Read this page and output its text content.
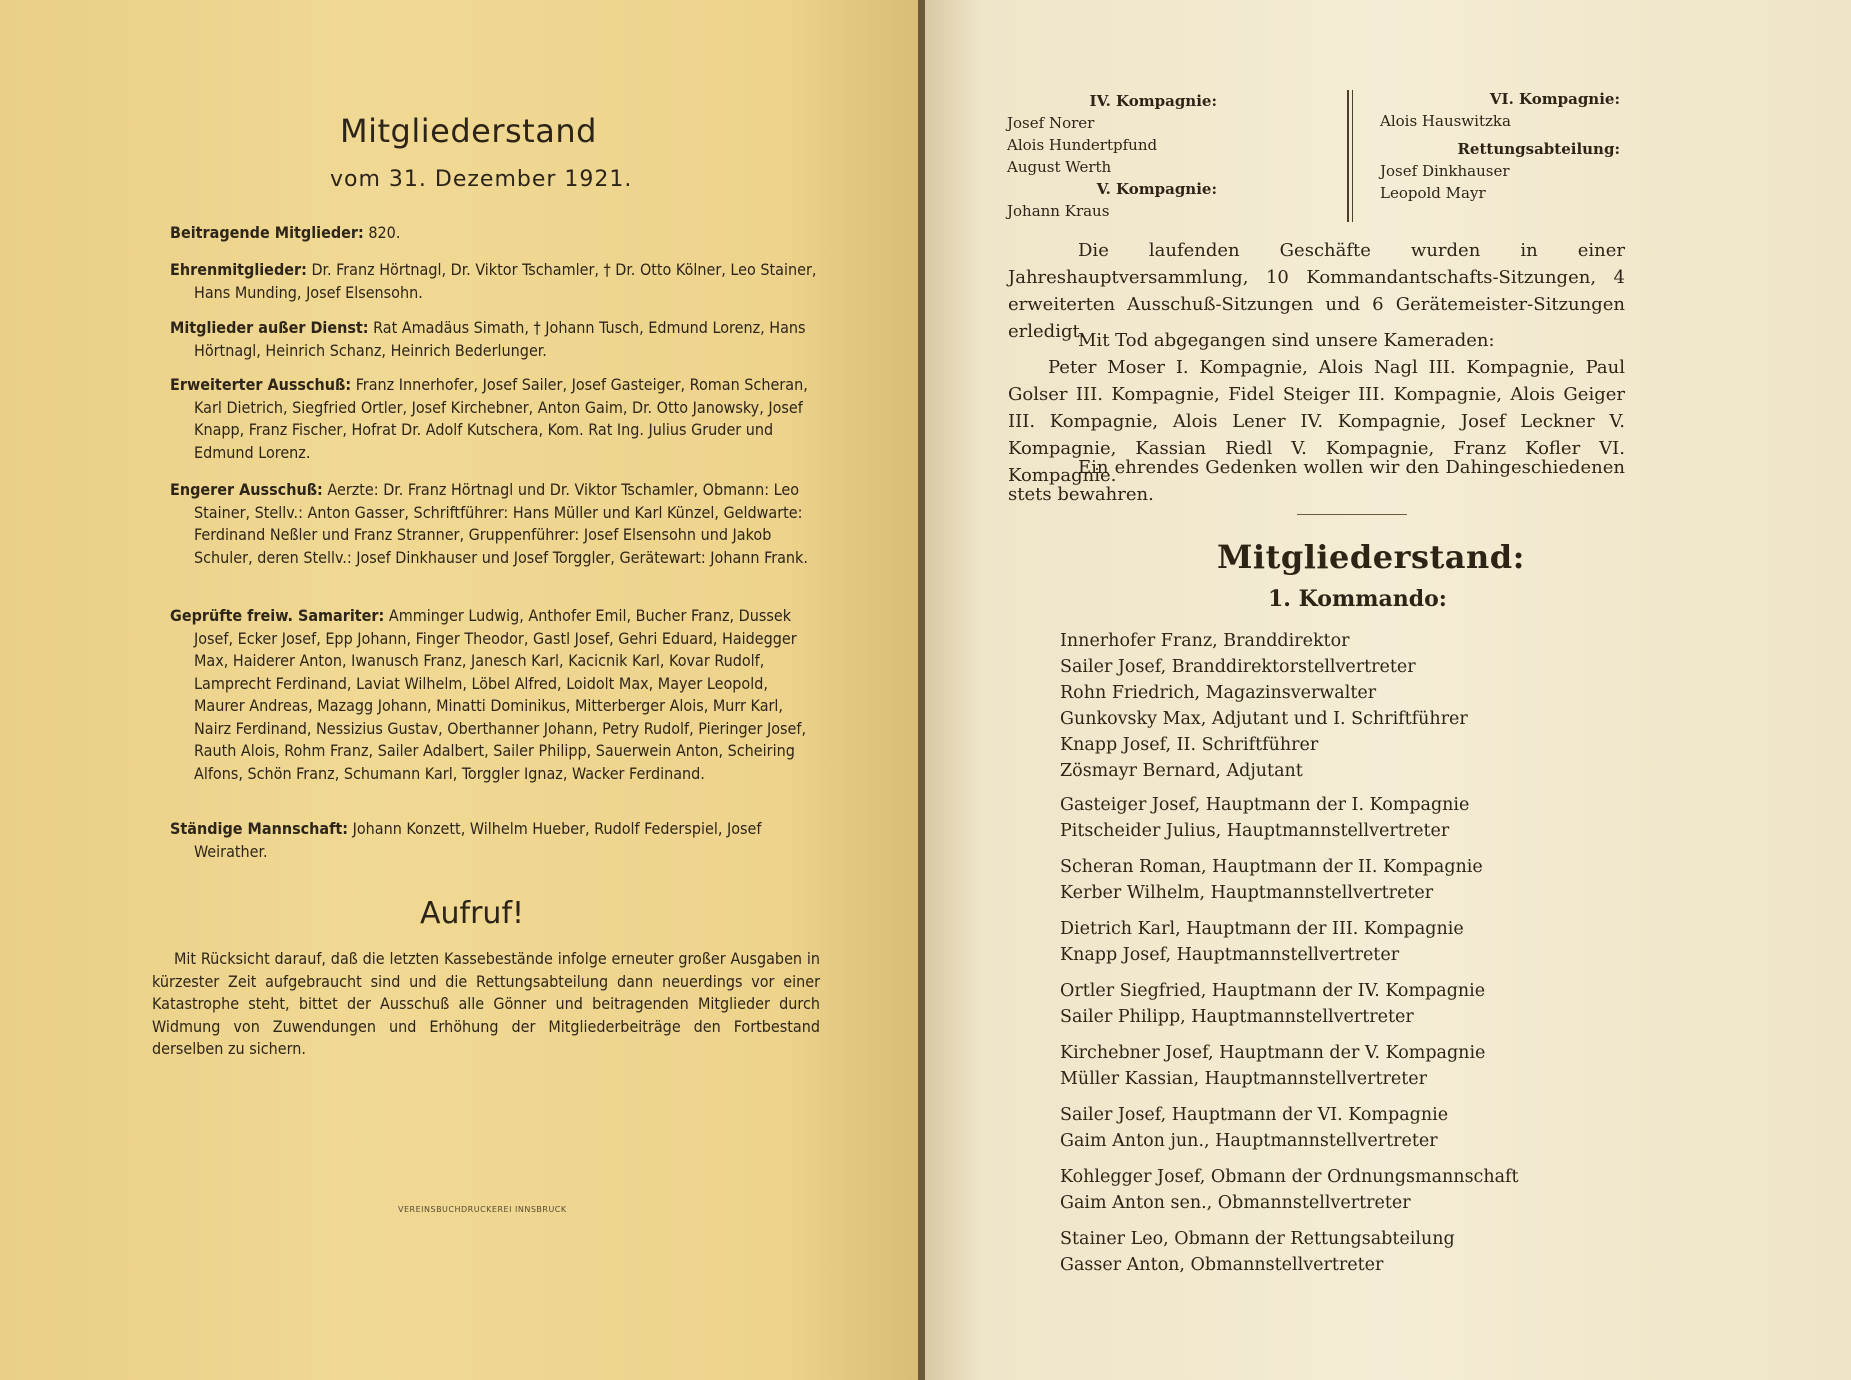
Mitgliederstand
vom 31. Dezember 1921.
Beitragende Mitglieder: 820.
Ehrenmitglieder: Dr. Franz Hörtnagl, Dr. Viktor Tschamler, † Dr. Otto Kölner, Leo Stainer, Hans Munding, Josef Elsensohn.
Mitglieder außer Dienst: Rat Amadäus Simath, † Johann Tusch, Edmund Lorenz, Hans Hörtnagl, Heinrich Schanz, Heinrich Bederlunger.
Erweiterter Ausschuß: Franz Innerhofer, Josef Sailer, Josef Gasteiger, Roman Scheran, Karl Dietrich, Siegfried Ortler, Josef Kirchebner, Anton Gaim, Dr. Otto Janowsky, Josef Knapp, Franz Fischer, Hofrat Dr. Adolf Kutschera, Kom. Rat Ing. Julius Gruder und Edmund Lorenz.
Engerer Ausschuß: Aerzte: Dr. Franz Hörtnagl und Dr. Viktor Tschamler, Obmann: Leo Stainer, Stellv.: Anton Gasser, Schriftführer: Hans Müller und Karl Künzel, Geldwarte: Ferdinand Neßler und Franz Stranner, Gruppenführer: Josef Elsensohn und Jakob Schuler, deren Stellv.: Josef Dinkhauser und Josef Torggler, Gerätewart: Johann Frank.
Geprüfte freiw. Samariter: Amminger Ludwig, Anthofer Emil, Bucher Franz, Dussek Josef, Ecker Josef, Epp Johann, Finger Theodor, Gastl Josef, Gehri Eduard, Haidegger Max, Haiderer Anton, Iwanusch Franz, Janesch Karl, Kacicnik Karl, Kovar Rudolf, Lamprecht Ferdinand, Laviat Wilhelm, Löbel Alfred, Loidolt Max, Mayer Leopold, Maurer Andreas, Mazagg Johann, Minatti Dominikus, Mitterberger Alois, Murr Karl, Nairz Ferdinand, Nessizius Gustav, Oberthanner Johann, Petry Rudolf, Pieringer Josef, Rauth Alois, Rohm Franz, Sailer Adalbert, Sailer Philipp, Sauerwein Anton, Scheiring Alfons, Schön Franz, Schumann Karl, Torggler Ignaz, Wacker Ferdinand.
Ständige Mannschaft: Johann Konzett, Wilhelm Hueber, Rudolf Federspiel, Josef Weirather.
Aufruf!
Mit Rücksicht darauf, daß die letzten Kassebestände infolge erneuter großer Ausgaben in kürzester Zeit aufgebraucht sind und die Rettungsabteilung dann neuerdings vor einer Katastrophe steht, bittet der Ausschuß alle Gönner und beitragenden Mitglieder durch Widmung von Zuwendungen und Erhöhung der Mitgliederbeiträge den Fortbestand derselben zu sichern.
VEREINSBUCHDRUCKEREI INNSBRUCK
IV. Kompagnie:
Josef Norer
Alois Hundertpfund
August Werth
V. Kompagnie:
Johann Kraus
VI. Kompagnie:
Alois Hauswitzka
Rettungsabteilung:
Josef Dinkhauser
Leopold Mayr
Die laufenden Geschäfte wurden in einer Jahreshauptversammlung, 10 Kommandantschafts-Sitzungen, 4 erweiterten Ausschuß-Sitzungen und 6 Gerätemeister-Sitzungen erledigt.
Mit Tod abgegangen sind unsere Kameraden:
Peter Moser I. Kompagnie, Alois Nagl III. Kompagnie, Paul Golser III. Kompagnie, Fidel Steiger III. Kompagnie, Alois Geiger III. Kompagnie, Alois Lener IV. Kompagnie, Josef Leckner V. Kompagnie, Kassian Riedl V. Kompagnie, Franz Kofler VI. Kompagnie.
Ein ehrendes Gedenken wollen wir den Dahingeschiedenen stets bewahren.
Mitgliederstand:
1. Kommando:
Innerhofer Franz, Branddirektor
Sailer Josef, Branddirektorstellvertreter
Rohn Friedrich, Magazinsverwalter
Gunkovsky Max, Adjutant und I. Schriftführer
Knapp Josef, II. Schriftführer
Zösmayr Bernard, Adjutant
Gasteiger Josef, Hauptmann der I. Kompagnie
Pitscheider Julius, Hauptmannstellvertreter
Scheran Roman, Hauptmann der II. Kompagnie
Kerber Wilhelm, Hauptmannstellvertreter
Dietrich Karl, Hauptmann der III. Kompagnie
Knapp Josef, Hauptmannstellvertreter
Ortler Siegfried, Hauptmann der IV. Kompagnie
Sailer Philipp, Hauptmannstellvertreter
Kirchebner Josef, Hauptmann der V. Kompagnie
Müller Kassian, Hauptmannstellvertreter
Sailer Josef, Hauptmann der VI. Kompagnie
Gaim Anton jun., Hauptmannstellvertreter
Kohlegger Josef, Obmann der Ordnungsmannschaft
Gaim Anton sen., Obmannstellvertreter
Stainer Leo, Obmann der Rettungsabteilung
Gasser Anton, Obmannstellvertreter
